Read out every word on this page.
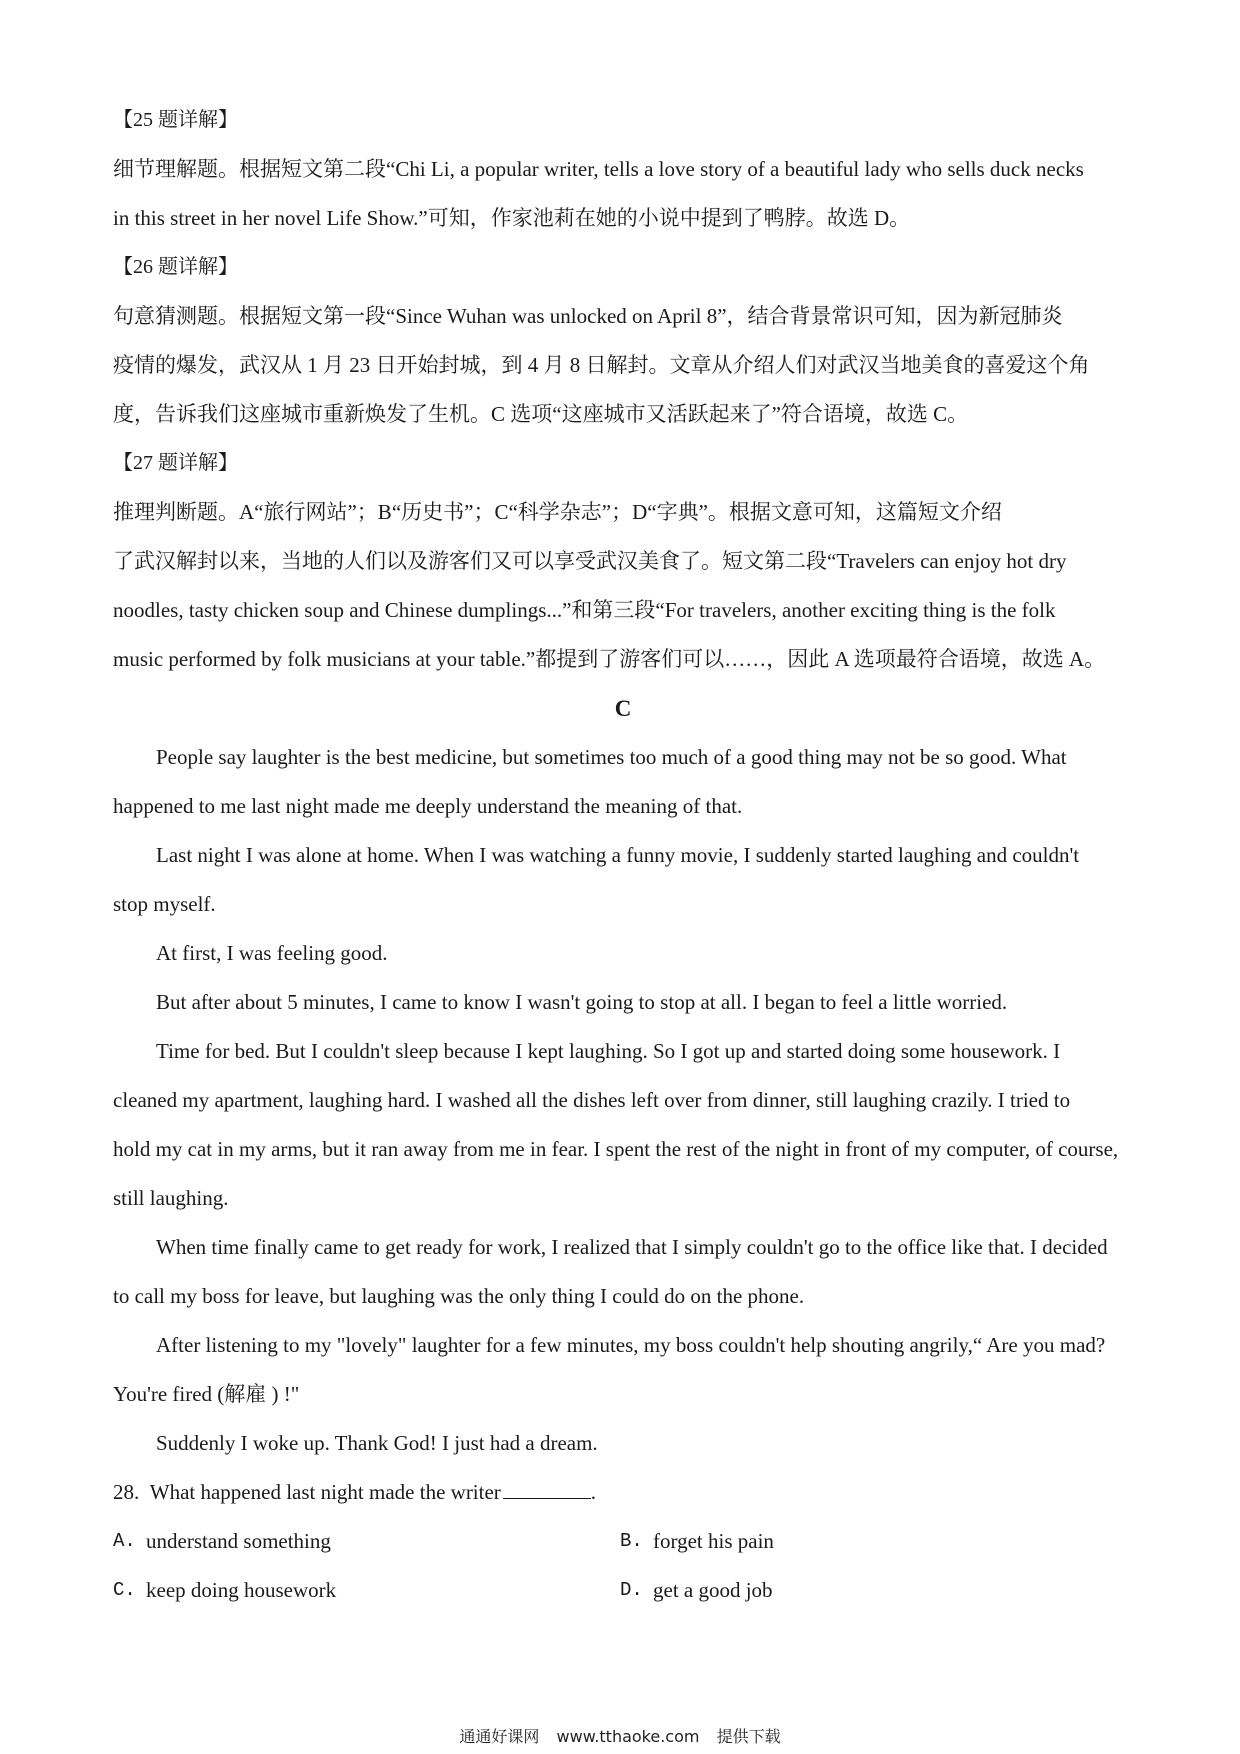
【25 题详解】
细节理解题。根据短文第二段“Chi Li, a popular writer, tells a love story of a beautiful lady who sells duck necks
in this street in her novel Life Show.”可知，作家池莉在她的小说中提到了鸭脖。故选 D。
【26 题详解】
句意猜测题。根据短文第一段“Since Wuhan was unlocked on April 8”，结合背景常识可知，因为新冠肺炎
疫情的爆发，武汉从 1 月 23 日开始封城，到 4 月 8 日解封。文章从介绍人们对武汉当地美食的喜爱这个角
度，告诉我们这座城市重新焕发了生机。C 选项“这座城市又活跃起来了”符合语境，故选 C。
【27 题详解】
推理判断题。A“旅行网站”；B“历史书”；C“科学杂志”；D“字典”。根据文意可知，这篇短文介绍
了武汉解封以来，当地的人们以及游客们又可以享受武汉美食了。短文第二段“Travelers can enjoy hot dry
noodles, tasty chicken soup and Chinese dumplings...”和第三段“For travelers, another exciting thing is the folk
music performed by folk musicians at your table.”都提到了游客们可以……，因此 A 选项最符合语境，故选 A。
C
People say laughter is the best medicine, but sometimes too much of a good thing may not be so good. What
happened to me last night made me deeply understand the meaning of that.
Last night I was alone at home. When I was watching a funny movie, I suddenly started laughing and couldn't
stop myself.
At first, I was feeling good.
But after about 5 minutes, I came to know I wasn't going to stop at all. I began to feel a little worried.
Time for bed. But I couldn't sleep because I kept laughing. So I got up and started doing some housework. I
cleaned my apartment, laughing hard. I washed all the dishes left over from dinner, still laughing crazily. I tried to
hold my cat in my arms, but it ran away from me in fear. I spent the rest of the night in front of my computer, of course,
still laughing.
When time finally came to get ready for work, I realized that I simply couldn't go to the office like that. I decided
to call my boss for leave, but laughing was the only thing I could do on the phone.
After listening to my "lovely" laughter for a few minutes, my boss couldn't help shouting angrily,“ Are you mad?
You're fired (解雇 ) !"
Suddenly I woke up. Thank God! I just had a dream.
28. What happened last night made the writer	.
A. understand something	B. forget his pain
C. keep doing housework	D. get a good job
通通好课网 www.tthaoke.com 提供下载
